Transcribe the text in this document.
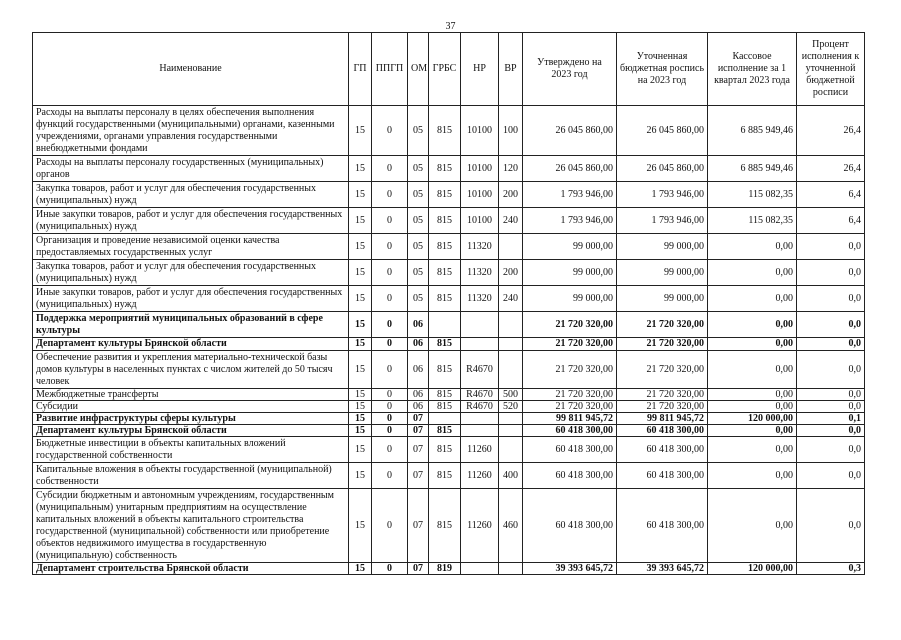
37
Наименование	ГП	ППГП	ОМ	ГРБС	НР	ВР	Утверждено на 2023 год	Уточненная бюджетная роспись на 2023 год	Кассовое исполнение за 1 квартал 2023 года	Процент исполнения к уточненной бюджетной росписи
Расходы на выплаты персоналу в целях обеспечения выполнения функций государственными (муниципальными) органами, казенными учреждениями, органами управления государственными внебюджетными фондами	15	0	05	815	10100	100	26 045 860,00	26 045 860,00	6 885 949,46	26,4
Расходы на выплаты персоналу государственных (муниципальных) органов	15	0	05	815	10100	120	26 045 860,00	26 045 860,00	6 885 949,46	26,4
Закупка товаров, работ и услуг для обеспечения государственных (муниципальных) нужд	15	0	05	815	10100	200	1 793 946,00	1 793 946,00	115 082,35	6,4
Иные закупки товаров, работ и услуг для обеспечения государственных (муниципальных) нужд	15	0	05	815	10100	240	1 793 946,00	1 793 946,00	115 082,35	6,4
Организация и проведение независимой оценки качества предоставляемых государственных услуг	15	0	05	815	11320		99 000,00	99 000,00	0,00	0,0
Закупка товаров, работ и услуг для обеспечения государственных (муниципальных) нужд	15	0	05	815	11320	200	99 000,00	99 000,00	0,00	0,0
Иные закупки товаров, работ и услуг для обеспечения государственных (муниципальных) нужд	15	0	05	815	11320	240	99 000,00	99 000,00	0,00	0,0
Поддержка мероприятий муниципальных образований в сфере культуры	15	0	06				21 720 320,00	21 720 320,00	0,00	0,0
Департамент культуры Брянской области	15	0	06	815			21 720 320,00	21 720 320,00	0,00	0,0
Обеспечение развития и укрепления материально-технической базы домов культуры в населенных пунктах с числом жителей до 50 тысяч человек	15	0	06	815	R4670		21 720 320,00	21 720 320,00	0,00	0,0
Межбюджетные трансферты	15	0	06	815	R4670	500	21 720 320,00	21 720 320,00	0,00	0,0
Субсидии	15	0	06	815	R4670	520	21 720 320,00	21 720 320,00	0,00	0,0
Развитие инфраструктуры сферы культуры	15	0	07				99 811 945,72	99 811 945,72	120 000,00	0,1
Департамент культуры Брянской области	15	0	07	815			60 418 300,00	60 418 300,00	0,00	0,0
Бюджетные инвестиции в объекты капитальных вложений государственной собственности	15	0	07	815	11260		60 418 300,00	60 418 300,00	0,00	0,0
Капитальные вложения в объекты государственной (муниципальной) собственности	15	0	07	815	11260	400	60 418 300,00	60 418 300,00	0,00	0,0
Субсидии бюджетным и автономным учреждениям, государственным (муниципальным) унитарным предприятиям на осуществление капитальных вложений в объекты капитального строительства государственной (муниципальной) собственности или приобретение объектов недвижимого имущества в государственную (муниципальную) собственность	15	0	07	815	11260	460	60 418 300,00	60 418 300,00	0,00	0,0
Департамент строительства Брянской области	15	0	07	819			39 393 645,72	39 393 645,72	120 000,00	0,3
